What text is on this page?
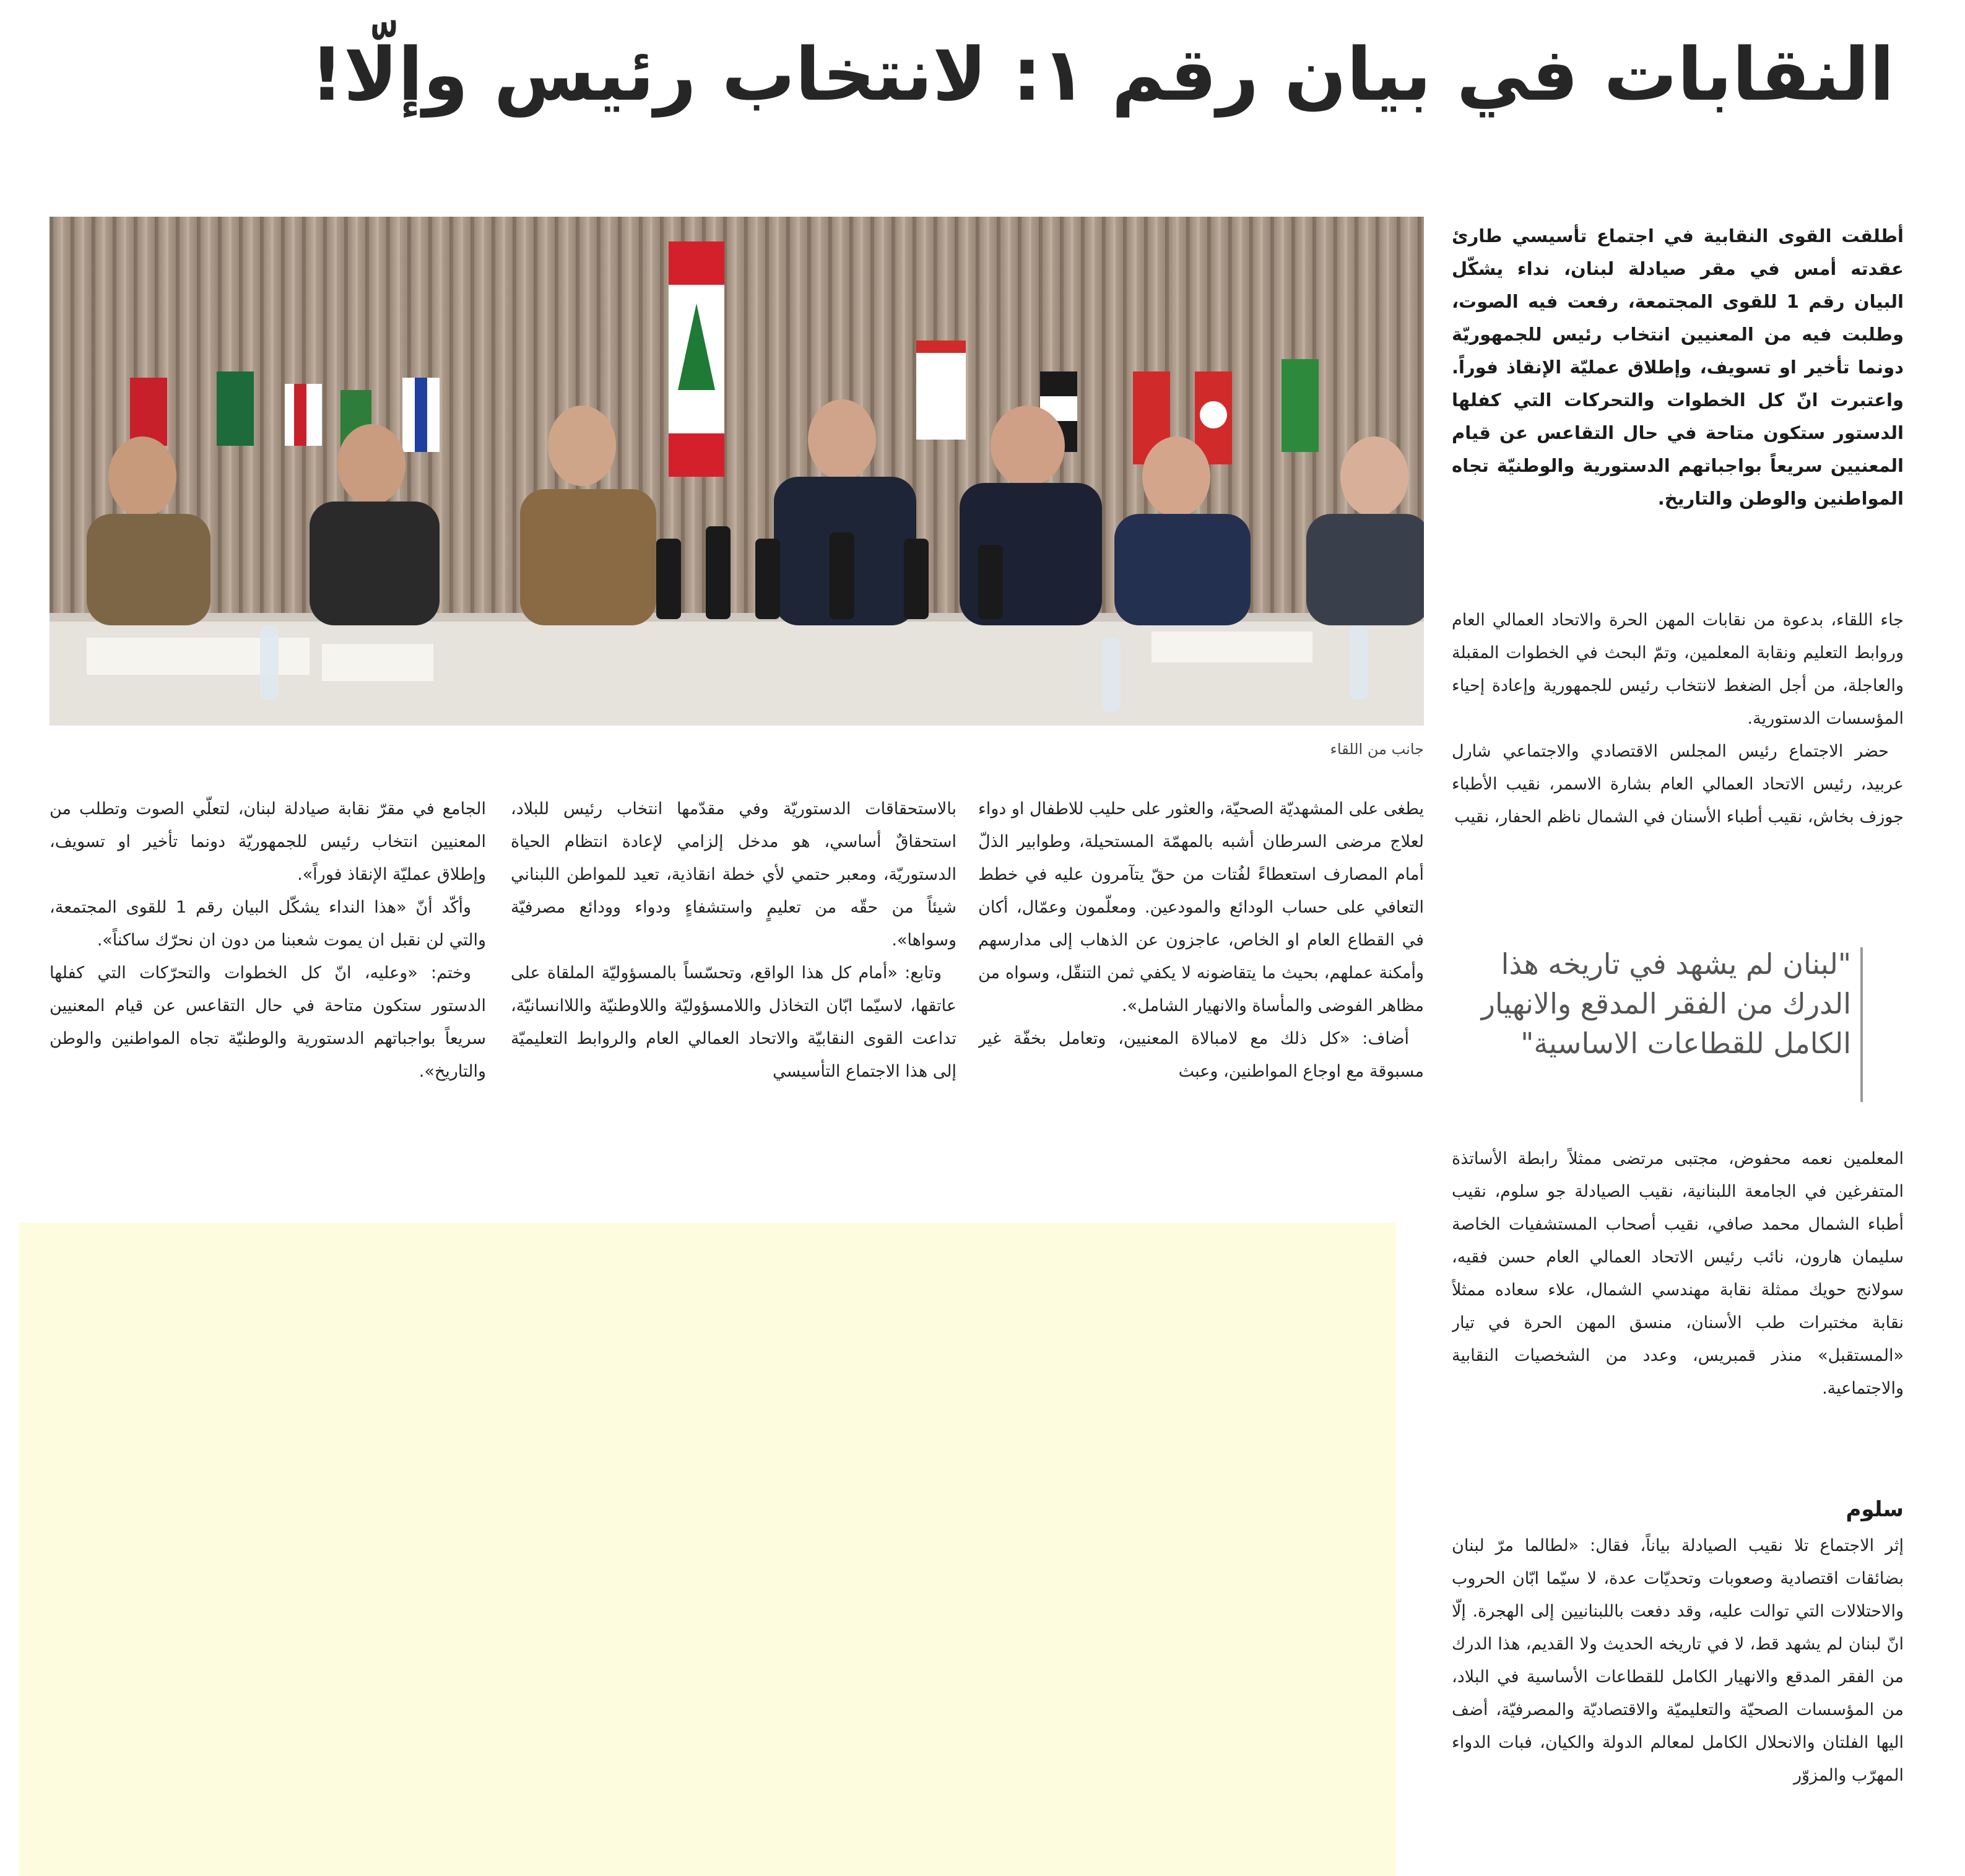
النقابات في بيان رقم ١: لانتخاب رئيس وإلّا!
أطلقت القوى النقابية في اجتماع تأسيسي طارئ عقدته أمس في مقر صيادلة لبنان، نداء يشكّل البيان رقم 1 للقوى المجتمعة، رفعت فيه الصوت، وطلبت فيه من المعنيين انتخاب رئيس للجمهوريّة دونما تأخير او تسويف، وإطلاق عمليّة الإنقاذ فوراً. واعتبرت انّ كل الخطوات والتحركات التي كفلها الدستور ستكون متاحة في حال التقاعس عن قيام المعنيين سريعاً بواجباتهم الدستورية والوطنيّة تجاه المواطنين والوطن والتاريخ.
جانب من اللقاء

جاء اللقاء، بدعوة من نقابات المهن الحرة والاتحاد العمالي العام وروابط التعليم ونقابة المعلمين، وتمّ البحث في الخطوات المقبلة والعاجلة، من أجل الضغط لانتخاب رئيس للجمهورية وإعادة إحياء المؤسسات الدستورية.

حضر الاجتماع رئيس المجلس الاقتصادي والاجتماعي شارل عربيد، رئيس الاتحاد العمالي العام بشارة الاسمر، نقيب الأطباء جوزف بخاش، نقيب أطباء الأسنان في الشمال ناظم الحفار، نقيب

"لبنان لم يشهد في تاريخه هذا الدرك من الفقر المدقع والانهيار الكامل للقطاعات الاساسية"

المعلمين نعمه محفوض، مجتبى مرتضى ممثلاً رابطة الأساتذة المتفرغين في الجامعة اللبنانية، نقيب الصيادلة جو سلوم، نقيب أطباء الشمال محمد صافي، نقيب أصحاب المستشفيات الخاصة سليمان هارون، نائب رئيس الاتحاد العمالي العام حسن فقيه، سولانج حويك ممثلة نقابة مهندسي الشمال، علاء سعاده ممثلاً نقابة مختبرات طب الأسنان، منسق المهن الحرة في تيار «المستقبل» منذر قمبريس، وعدد من الشخصيات النقابية والاجتماعية.

سلوم

إثر الاجتماع تلا نقيب الصيادلة بياناً، فقال: «لطالما مرّ لبنان بضائقات اقتصادية وصعوبات وتحديّات عدة، لا سيّما ابّان الحروب والاحتلالات التي توالت عليه، وقد دفعت باللبنانيين إلى الهجرة. إلّا انّ لبنان لم يشهد قط، لا في تاريخه الحديث ولا القديم، هذا الدرك من الفقر المدقع والانهيار الكامل للقطاعات الأساسية في البلاد، من المؤسسات الصحيّة والتعليميّة والاقتصاديّة والمصرفيّة، أضف اليها الفلتان والانحلال الكامل لمعالم الدولة والكيان، فبات الدواء المهرّب والمزوّر

يطغى على المشهديّة الصحيّة، والعثور على حليب للاطفال او دواء لعلاج مرضى السرطان أشبه بالمهمّة المستحيلة، وطوابير الذلّ أمام المصارف استعطاءً لفُتات من حقّ يتآمرون عليه في خطط التعافي على حساب الودائع والمودعين. ومعلّمون وعمّال، أكان في القطاع العام او الخاص، عاجزون عن الذهاب إلى مدارسهم وأمكنة عملهم، بحيث ما يتقاضونه لا يكفي ثمن التنقّل، وسواه من مظاهر الفوضى والمأساة والانهيار الشامل».

أضاف: «كل ذلك مع لامبالاة المعنيين، وتعامل بخفّة غير مسبوقة مع اوجاع المواطنين، وعبث

بالاستحقاقات الدستوريّة وفي مقدّمها انتخاب رئيس للبلاد، استحقاقٌ أساسي، هو مدخل إلزامي لإعادة انتظام الحياة الدستوريّة، ومعبر حتمي لأي خطة انقاذية، تعيد للمواطن اللبناني شيئاً من حقّه من تعليمٍ واستشفاءٍ ودواء وودائع مصرفيّة وسواها».

وتابع: «أمام كل هذا الواقع، وتحسّساً بالمسؤوليّة الملقاة على عاتقها، لاسيّما ابّان التخاذل واللامسؤوليّة واللاوطنيّة واللاانسانيّة، تداعت القوى النقابيّة والاتحاد العمالي العام والروابط التعليميّة إلى هذا الاجتماع التأسيسي

الجامع في مقرّ نقابة صيادلة لبنان، لتعلّي الصوت وتطلب من المعنيين انتخاب رئيس للجمهوريّة دونما تأخير او تسويف، وإطلاق عمليّة الإنقاذ فوراً».

وأكّد أنّ «هذا النداء يشكّل البيان رقم 1 للقوى المجتمعة، والتي لن نقبل ان يموت شعبنا من دون ان نحرّك ساكناً».

وختم: «وعليه، انّ كل الخطوات والتحرّكات التي كفلها الدستور ستكون متاحة في حال التقاعس عن قيام المعنيين سريعاً بواجباتهم الدستورية والوطنيّة تجاه المواطنين والوطن والتاريخ».
